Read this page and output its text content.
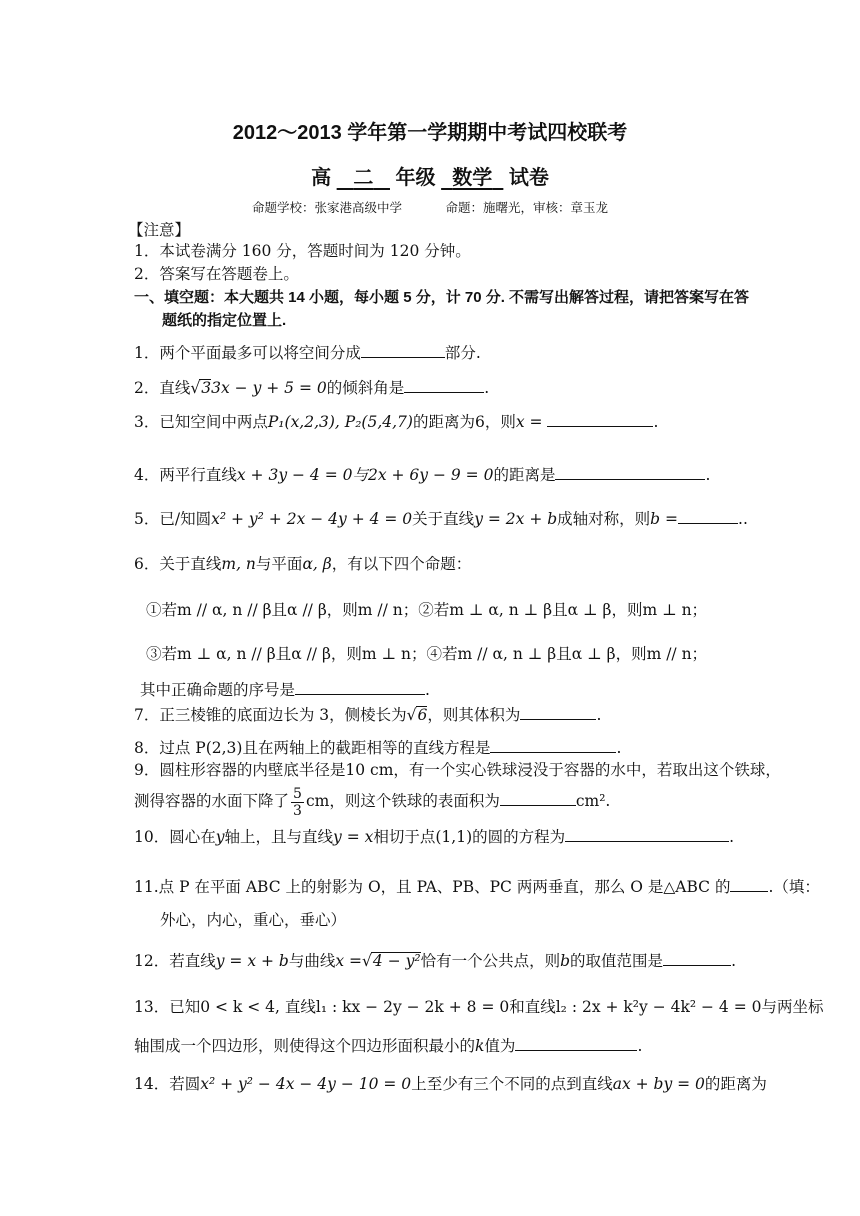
2012～2013 学年第一学期期中考试四校联考
高 二 年级 数学 试卷
命题学校：张家港高级中学	命题：施曙光，审核：章玉龙
【注意】
1．本试卷满分 160 分，答题时间为 120 分钟。
2．答案写在答题卷上。
一、填空题：本大题共 14 小题，每小题 5 分，计 70 分. 不需写出解答过程，请把答案写在答
题纸的指定位置上.
1．两个平面最多可以将空间分成	部分.
2．直线√33x − y + 5 = 0的倾斜角是	.
3．已知空间中两点P₁(x,2,3), P₂(5,4,7)的距离为6，则x =	.
4．两平行直线x + 3y − 4 = 0与2x + 6y − 9 = 0的距离是	.
5．已/知圆x² + y² + 2x − 4y + 4 = 0关于直线y = 2x + b成轴对称，则b =	..
6．关于直线m, n与平面α, β，有以下四个命题：
①若m // α, n // β且α // β，则m // n；②若m ⊥ α, n ⊥ β且α ⊥ β，则m ⊥ n；
③若m ⊥ α, n // β且α // β，则m ⊥ n；④若m // α, n ⊥ β且α ⊥ β，则m // n；
其中正确命题的序号是	.
7．正三棱锥的底面边长为 3，侧棱长为√6，则其体积为	.
8．过点 P(2,3)且在两轴上的截距相等的直线方程是	.
9．圆柱形容器的内壁底半径是10 cm，有一个实心铁球浸没于容器的水中，若取出这个铁球，
测得容器的水面下降了 $\frac{5}{3}$ cm，则这个铁球的表面积为	cm².
10．圆心在y轴上，且与直线y = x相切于点(1,1)的圆的方程为	.
11.点 P 在平面 ABC 上的射影为 O，且 PA、PB、PC 两两垂直，那么 O 是△ABC 的 .（填：
外心，内心，重心，垂心）
12．若直线y = x + b与曲线x =√4 − y²恰有一个公共点，则b的取值范围是	.
13．已知0 < k < 4, 直线l₁ : kx − 2y − 2k + 8 = 0和直线l₂ : 2x + k²y − 4k² − 4 = 0与两坐标
轴围成一个四边形，则使得这个四边形面积最小的k值为	.
14．若圆x² + y² − 4x − 4y − 10 = 0上至少有三个不同的点到直线ax + by = 0的距离为
